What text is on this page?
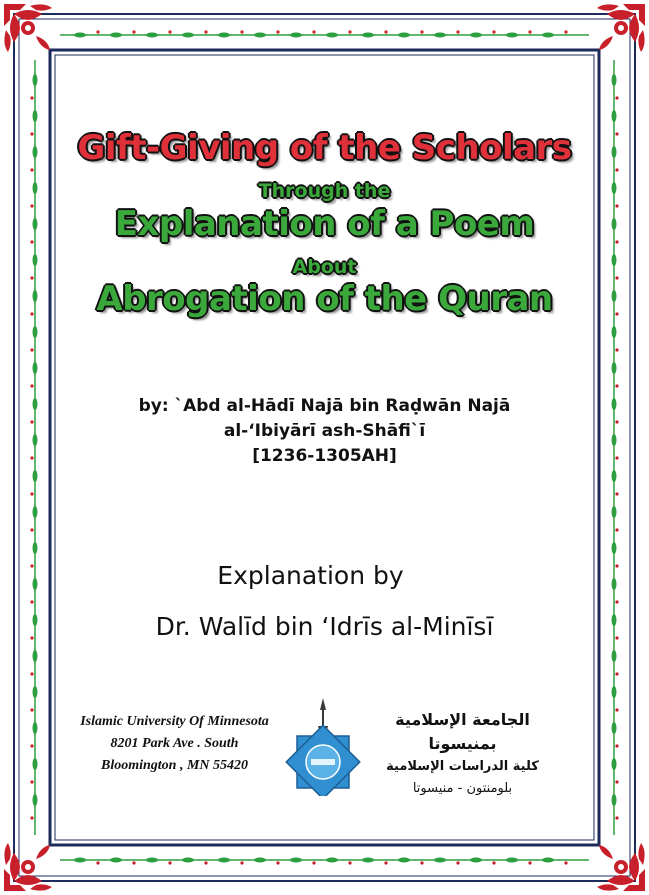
Gift-Giving of the Scholars
Through the
Explanation of a Poem
About
Abrogation of the Quran
by: `Abd al-Hādī Najā bin Raḍwān Najā
al-‘Ibiyārī ash-Shāfi`ī
[1236-1305AH]
Explanation by
Dr. Walīd bin ‘Idrīs al-Minīsī
Islamic University Of Minnesota
8201 Park Ave . South
Bloomington , MN 55420
الجامعة الإسلامية بمنيسوتا
كلية الدراسات الإسلامية
بلومنتون - منيسوتا
